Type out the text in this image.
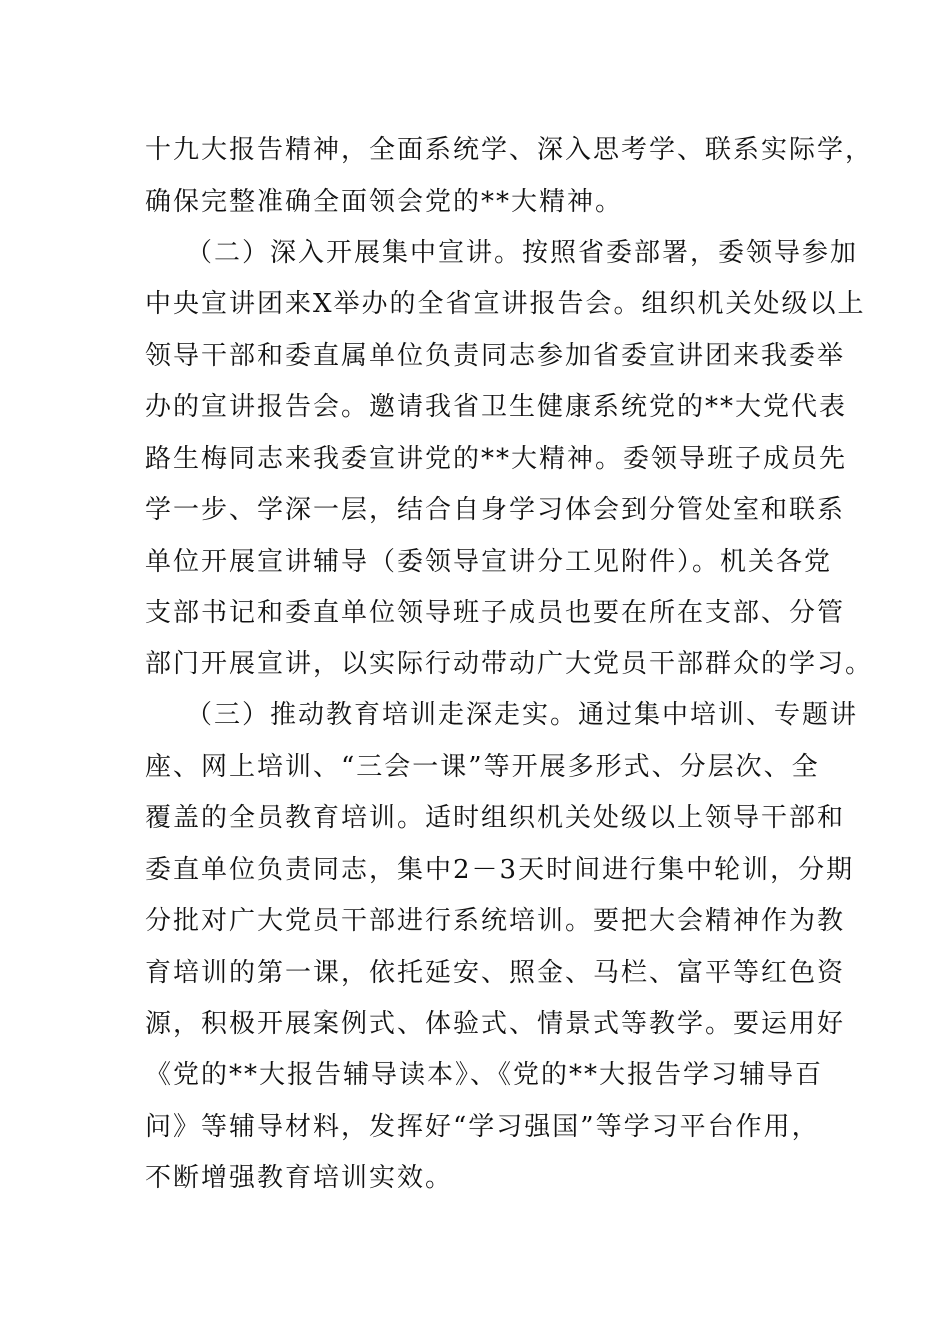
十九大报告精神，全面系统学、深入思考学、联系实际学，

确保完整准确全面领会党的**大精神。

（二）深入开展集中宣讲。按照省委部署，委领导参加

中央宣讲团来X举办的全省宣讲报告会。组织机关处级以上

领导干部和委直属单位负责同志参加省委宣讲团来我委举

办的宣讲报告会。邀请我省卫生健康系统党的**大党代表

路生梅同志来我委宣讲党的**大精神。委领导班子成员先

学一步、学深一层，结合自身学习体会到分管处室和联系

单位开展宣讲辅导（委领导宣讲分工见附件）。机关各党

支部书记和委直单位领导班子成员也要在所在支部、分管

部门开展宣讲，以实际行动带动广大党员干部群众的学习。

（三）推动教育培训走深走实。通过集中培训、专题讲

座、网上培训、“三会一课”等开展多形式、分层次、全

覆盖的全员教育培训。适时组织机关处级以上领导干部和

委直单位负责同志，集中2－3天时间进行集中轮训，分期

分批对广大党员干部进行系统培训。要把大会精神作为教

育培训的第一课，依托延安、照金、马栏、富平等红色资

源，积极开展案例式、体验式、情景式等教学。要运用好

《党的**大报告辅导读本》、《党的**大报告学习辅导百

问》等辅导材料，发挥好“学习强国”等学习平台作用，

不断增强教育培训实效。
